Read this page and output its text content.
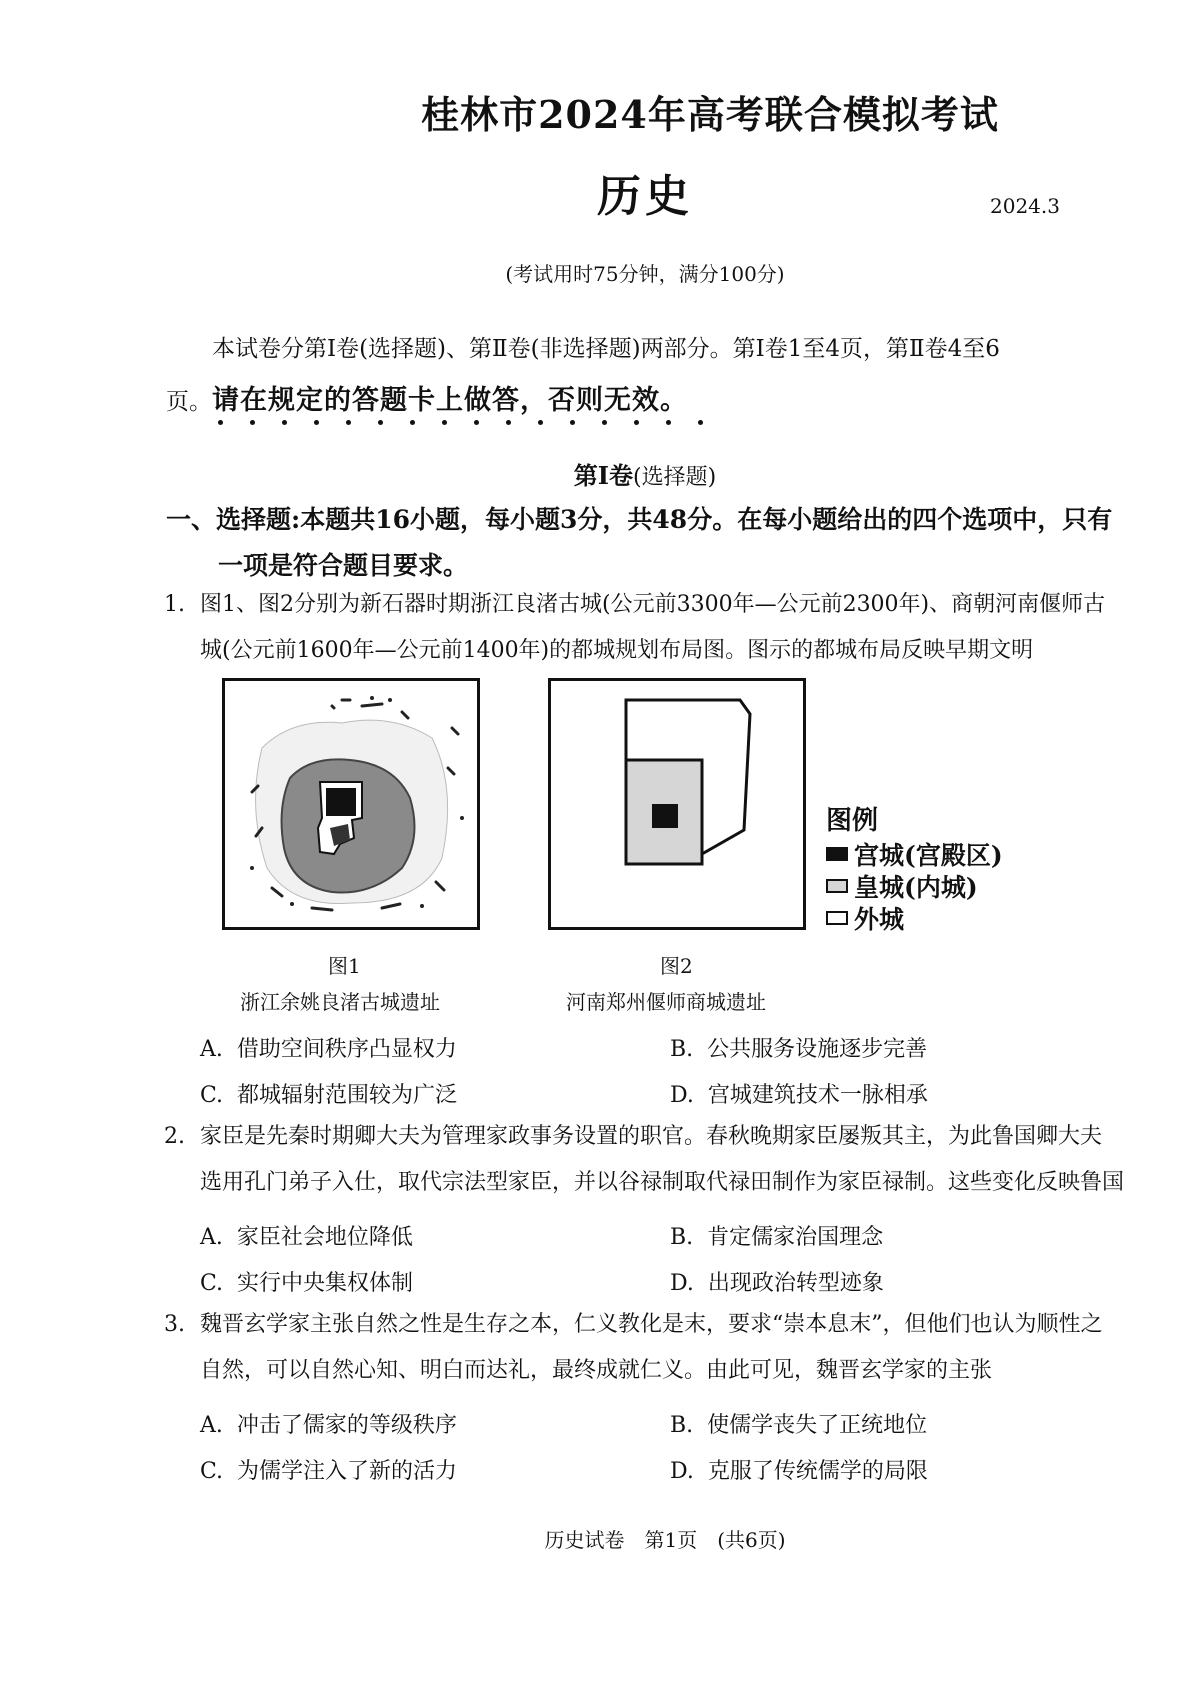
桂林市2024年高考联合模拟考试
历史	2024.3
(考试用时75分钟，满分100分)
本试卷分第Ⅰ卷(选择题)、第Ⅱ卷(非选择题)两部分。第Ⅰ卷1至4页，第Ⅱ卷4至6
页。请在规定的答题卡上做答，否则无效。
第Ⅰ卷(选择题)
一、选择题:本题共16小题，每小题3分，共48分。在每小题给出的四个选项中，只有
一项是符合题目要求。
1. 图1、图2分别为新石器时期浙江良渚古城(公元前3300年—公元前2300年)、商朝河南偃师古
城(公元前1600年—公元前1400年)的都城规划布局图。图示的都城布局反映早期文明
图1
浙江余姚良渚古城遗址
图2
河南郑州偃师商城遗址
图例
宫城(宫殿区)
皇城(内城)
外城
A. 借助空间秩序凸显权力	B. 公共服务设施逐步完善
C. 都城辐射范围较为广泛	D. 宫城建筑技术一脉相承
2. 家臣是先秦时期卿大夫为管理家政事务设置的职官。春秋晚期家臣屡叛其主，为此鲁国卿大夫
选用孔门弟子入仕，取代宗法型家臣，并以谷禄制取代禄田制作为家臣禄制。这些变化反映鲁国
A. 家臣社会地位降低	B. 肯定儒家治国理念
C. 实行中央集权体制	D. 出现政治转型迹象
3. 魏晋玄学家主张自然之性是生存之本，仁义教化是末，要求“崇本息末”，但他们也认为顺性之
自然，可以自然心知、明白而达礼，最终成就仁义。由此可见，魏晋玄学家的主张
A. 冲击了儒家的等级秩序	B. 使儒学丧失了正统地位
C. 为儒学注入了新的活力	D. 克服了传统儒学的局限
历史试卷　第1页　(共6页)
